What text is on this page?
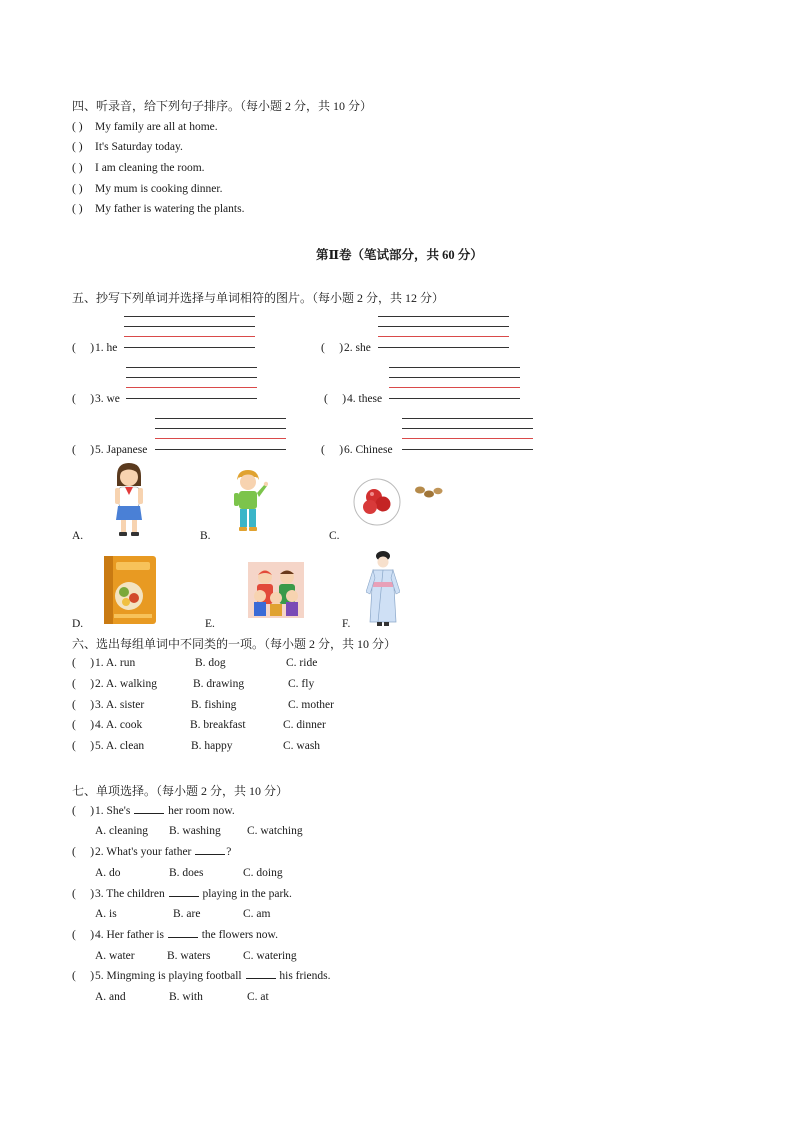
四、听录音，给下列句子排序。（每小题 2 分，共 10 分）
( ) My family are all at home.
( ) It's Saturday today.
( ) I am cleaning the room.
( ) My mum is cooking dinner.
( ) My father is watering the plants.
第Ⅱ卷（笔试部分，共 60 分）
五、抄写下列单词并选择与单词相符的图片。（每小题 2 分，共 12 分）
(     )1. he	(     )2. she
(     )3. we	(     )4. these
(     )5. Japanese	(     )6. Chinese
A.	B.	C.
D.	E.	F.
六、选出每组单词中不同类的一项。（每小题 2 分，共 10 分）
(     )1. A. run	B. dog	C. ride
(     )2. A. walking	B. drawing	C. fly
(     )3. A. sister	B. fishing	C. mother
(     )4. A. cook	B. breakfast	C. dinner
(     )5. A. clean	B. happy	C. wash
七、单项选择。（每小题 2 分，共 10 分）
(     )1. She's	her room now.
A. cleaning B. washing C. watching
(     )2. What's your father	?
A. do	B. does	C. doing
(     )3. The children	playing in the park.
A. is	B. are	C. am
(     )4. Her father is	the flowers now.
A. water	B. waters	C. watering
(     )5. Mingming is playing football	his friends.
A. and	B. with	C. at
